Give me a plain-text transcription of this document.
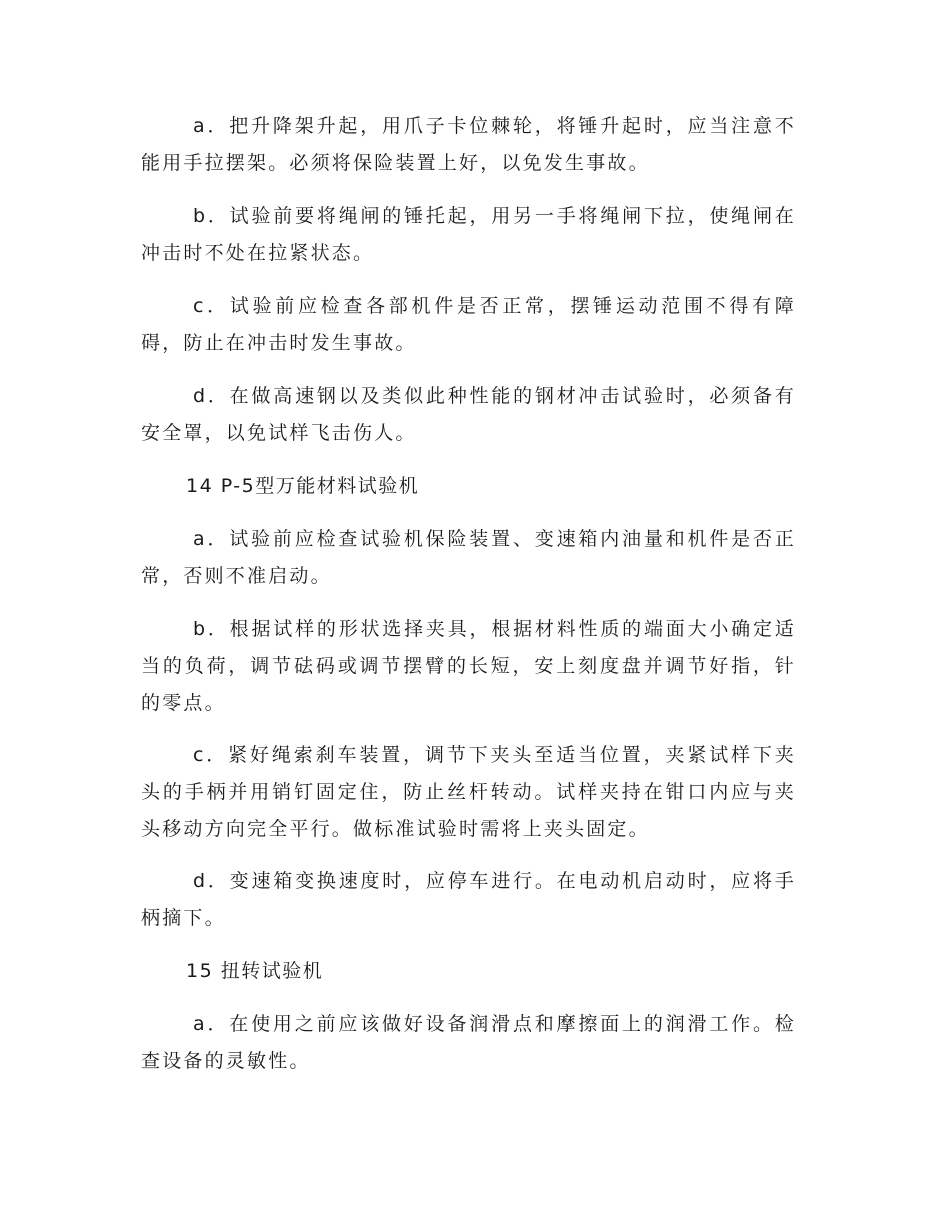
a．把升降架升起，用爪子卡位棘轮，将锤升起时，应当注意不能用手拉摆架。必须将保险装置上好，以免发生事故。

b．试验前要将绳闸的锤托起，用另一手将绳闸下拉，使绳闸在冲击时不处在拉紧状态。

c．试验前应检查各部机件是否正常，摆锤运动范围不得有障碍，防止在冲击时发生事故。

d．在做高速钢以及类似此种性能的钢材冲击试验时，必须备有安全罩，以免试样飞击伤人。

14 P-5型万能材料试验机

a．试验前应检查试验机保险装置、变速箱内油量和机件是否正常，否则不准启动。

b．根据试样的形状选择夹具，根据材料性质的端面大小确定适当的负荷，调节砝码或调节摆臂的长短，安上刻度盘并调节好指，针的零点。

c．紧好绳索刹车装置，调节下夹头至适当位置，夹紧试样下夹头的手柄并用销钉固定住，防止丝杆转动。试样夹持在钳口内应与夹头移动方向完全平行。做标准试验时需将上夹头固定。

d．变速箱变换速度时，应停车进行。在电动机启动时，应将手柄摘下。

15 扭转试验机

a．在使用之前应该做好设备润滑点和摩擦面上的润滑工作。检查设备的灵敏性。
